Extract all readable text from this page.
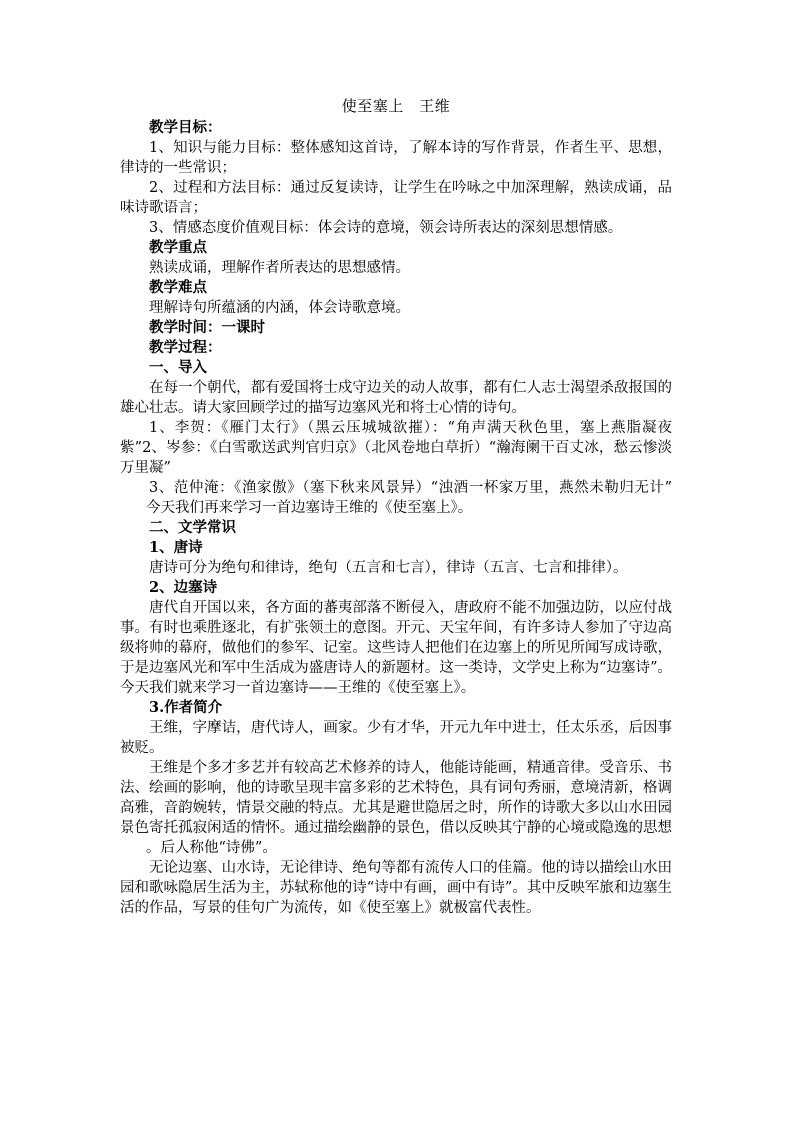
使至塞上　王维
教学目标：

1、知识与能力目标：整体感知这首诗，了解本诗的写作背景，作者生平、思想，律诗的一些常识；

2、过程和方法目标：通过反复读诗，让学生在吟咏之中加深理解，熟读成诵，品味诗歌语言；

3、情感态度价值观目标：体会诗的意境，领会诗所表达的深刻思想情感。

教学重点

熟读成诵，理解作者所表达的思想感情。

教学难点

理解诗句所蕴涵的内涵，体会诗歌意境。

教学时间：一课时
教学过程：
一、导入

在每一个朝代，都有爱国将士戍守边关的动人故事，都有仁人志士渴望杀敌报国的雄心壮志。请大家回顾学过的描写边塞风光和将士心情的诗句。

1、李贺：《雁门太行》（黑云压城城欲摧）：“角声满天秋色里，塞上燕脂凝夜紫”2、岑参：《白雪歌送武判官归京》（北风卷地白草折）“瀚海阑干百丈冰，愁云惨淡万里凝”

3、范仲淹：《渔家傲》（塞下秋来风景异）“浊酒一杯家万里，燕然未勒归无计”今天我们再来学习一首边塞诗王维的《使至塞上》。

二、文学常识
1、唐诗

唐诗可分为绝句和律诗，绝句（五言和七言），律诗（五言、七言和排律）。

2、边塞诗

唐代自开国以来，各方面的蕃夷部落不断侵入，唐政府不能不加强边防，以应付战事。有时也乘胜逐北，有扩张领土的意图。开元、天宝年间，有许多诗人参加了守边高级将帅的幕府，做他们的参军、记室。这些诗人把他们在边塞上的所见所闻写成诗歌，于是边塞风光和军中生活成为盛唐诗人的新题材。这一类诗，文学史上称为“边塞诗”。今天我们就来学习一首边塞诗——王维的《使至塞上》。

3.作者简介

王维，字摩诘，唐代诗人，画家。少有才华，开元九年中进士，任太乐丞，后因事被贬。

王维是个多才多艺并有较高艺术修养的诗人，他能诗能画，精通音律。受音乐、书法、绘画的影响，他的诗歌呈现丰富多彩的艺术特色，具有词句秀丽，意境清新，格调高雅，音韵婉转，情景交融的特点。尤其是避世隐居之时，所作的诗歌大多以山水田园景色寄托孤寂闲适的情怀。通过描绘幽静的景色，借以反映其宁静的心境或隐逸的思想。后人称他“诗佛”。

无论边塞、山水诗，无论律诗、绝句等都有流传人口的佳篇。他的诗以描绘山水田园和歌咏隐居生活为主，苏轼称他的诗“诗中有画，画中有诗”。其中反映军旅和边塞生活的作品，写景的佳句广为流传，如《使至塞上》就极富代表性。
